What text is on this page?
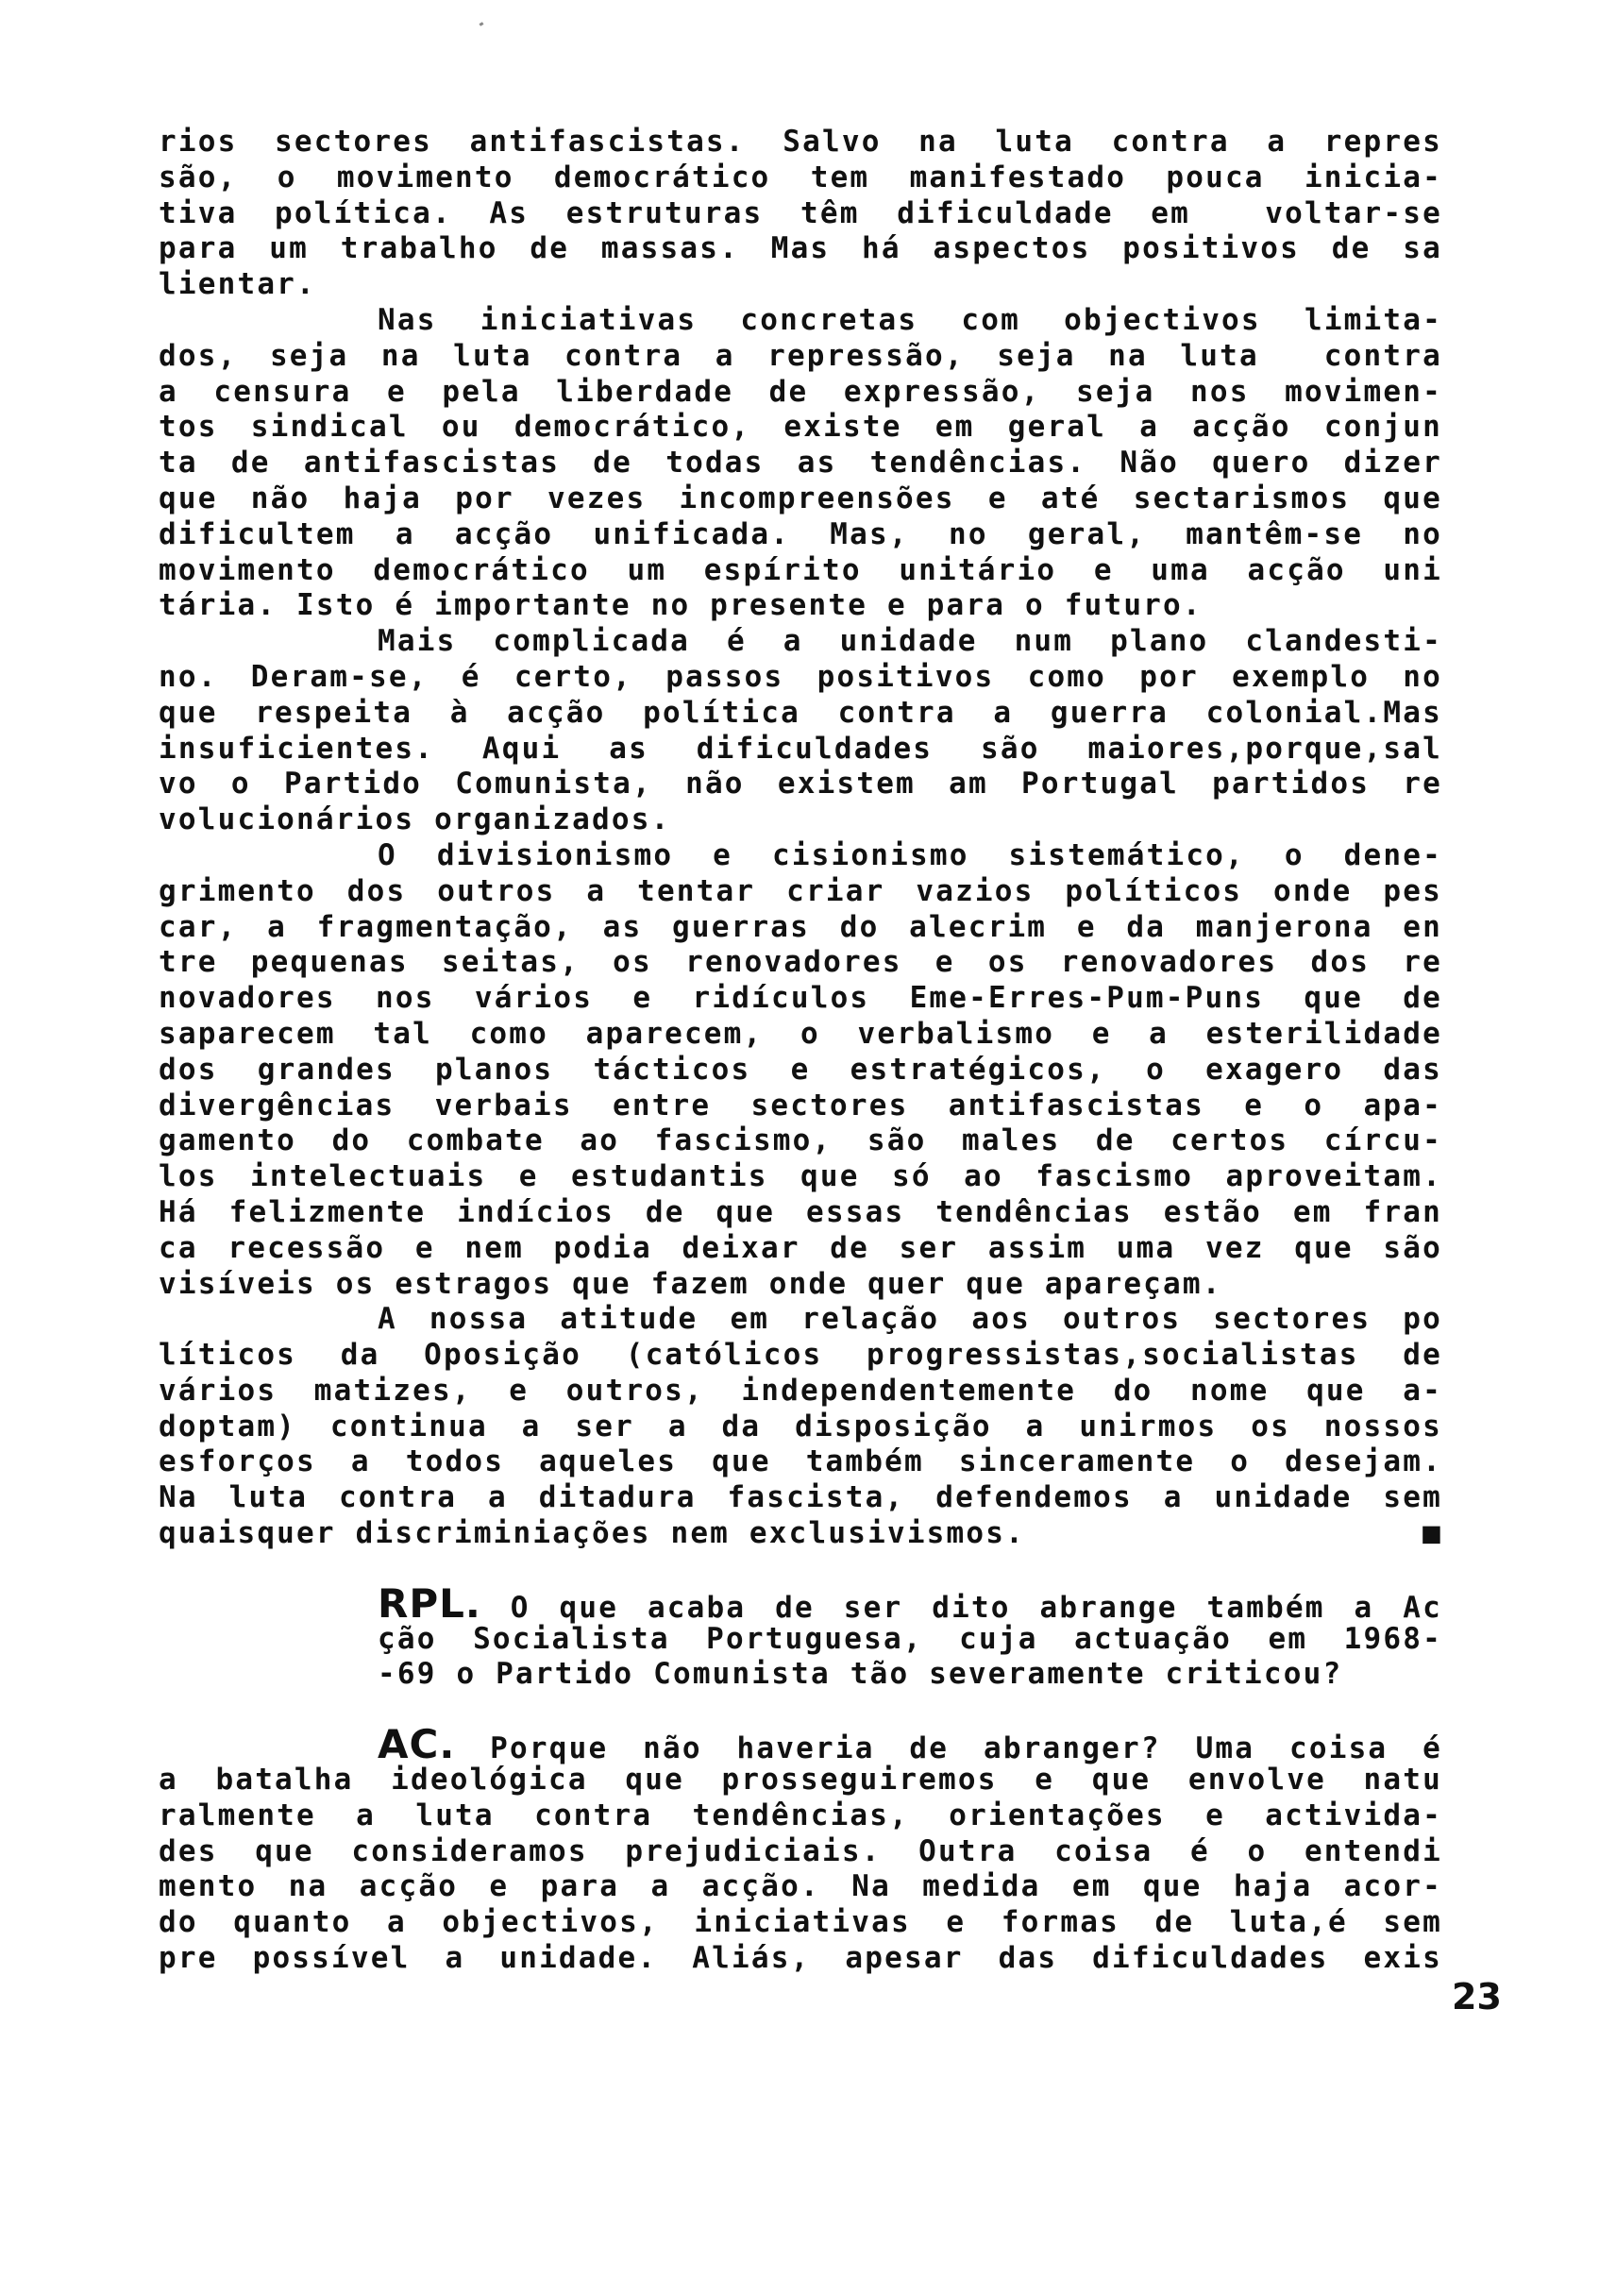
rios sectores antifascistas. Salvo na luta contra a repres
são, o movimento democrático tem manifestado pouca inicia-
tiva política. As estruturas têm dificuldade em  voltar-se
para um trabalho de massas. Mas há aspectos positivos de sa
lientar.
Nas iniciativas concretas com objectivos limita-
dos, seja na luta contra a repressão, seja na luta  contra
a censura e pela liberdade de expressão, seja nos movimen-
tos sindical ou democrático, existe em geral a acção conjun
ta de antifascistas de todas as tendências. Não quero dizer
que não haja por vezes incompreensões e até sectarismos que
dificultem a acção unificada. Mas, no geral, mantêm-se no
movimento democrático um espírito unitário e uma acção uni
tária. Isto é importante no presente e para o futuro.
Mais complicada é a unidade num plano clandesti-
no. Deram-se, é certo, passos positivos como por exemplo no
que respeita à acção política contra a guerra colonial.Mas
insuficientes. Aqui as dificuldades são maiores,porque,sal
vo o Partido Comunista, não existem am Portugal partidos re
volucionários organizados.
O divisionismo e cisionismo sistemático, o dene-
grimento dos outros a tentar criar vazios políticos onde pes
car, a fragmentação, as guerras do alecrim e da manjerona en
tre pequenas seitas, os renovadores e os renovadores dos re
novadores nos vários e ridículos Eme-Erres-Pum-Puns que de
saparecem tal como aparecem, o verbalismo e a esterilidade
dos grandes planos tácticos e estratégicos, o exagero das
divergências verbais entre sectores antifascistas e o apa-
gamento do combate ao fascismo, são males de certos círcu-
los intelectuais e estudantis que só ao fascismo aproveitam.
Há felizmente indícios de que essas tendências estão em fran
ca recessão e nem podia deixar de ser assim uma vez que são
visíveis os estragos que fazem onde quer que apareçam.
A nossa atitude em relação aos outros sectores po
líticos da Oposição (católicos progressistas,socialistas de
vários matizes, e outros, independentemente do nome que a-
doptam) continua a ser a da disposição a unirmos os nossos
esforços a todos aqueles que também sinceramente o desejam.
Na luta contra a ditadura fascista, defendemos a unidade sem
quaisquer discriminiações nem exclusivismos.	■
RPL. O que acaba de ser dito abrange também a Ac
ção Socialista Portuguesa, cuja actuação em 1968-
-69 o Partido Comunista tão severamente criticou?
AC. Porque não haveria de abranger? Uma coisa é
a batalha ideológica que prosseguiremos e que envolve natu
ralmente a luta contra tendências, orientações e activida-
des que consideramos prejudiciais. Outra coisa é o entendi
mento na acção e para a acção. Na medida em que haja acor-
do quanto a objectivos, iniciativas e formas de luta,é sem
pre possível a unidade. Aliás, apesar das dificuldades exis
23
